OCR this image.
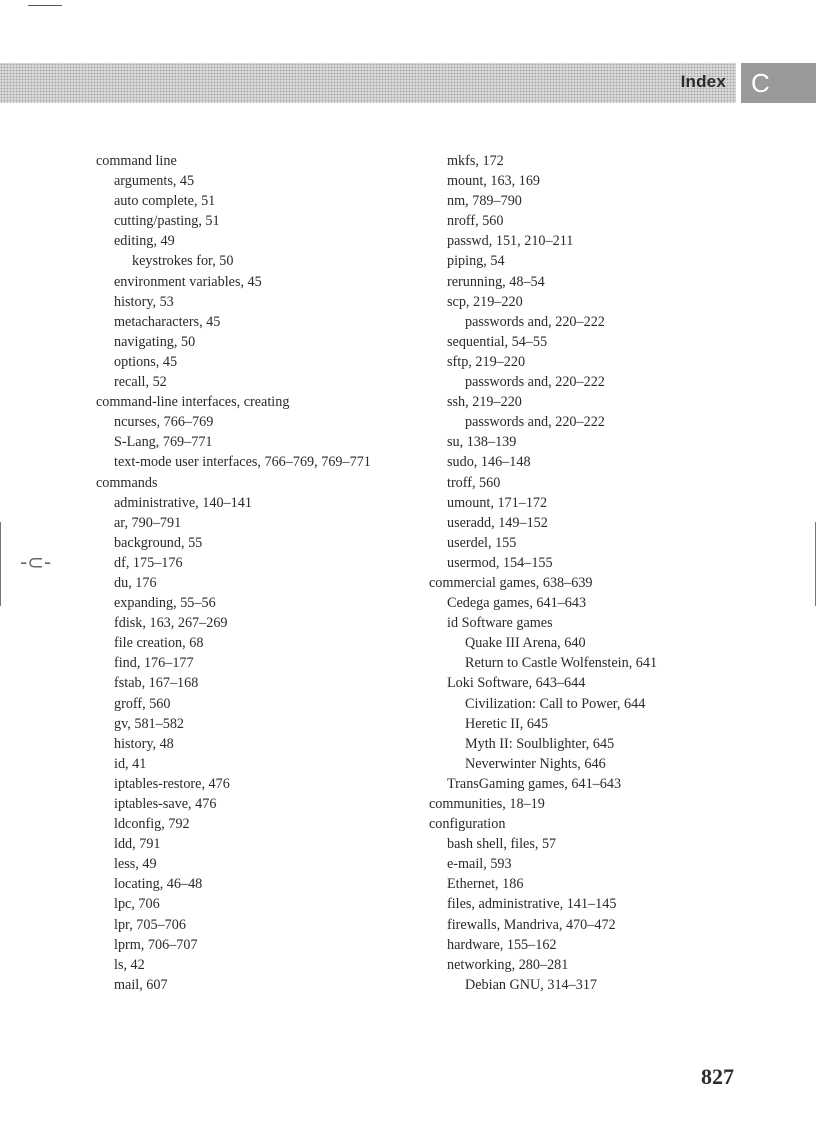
Index C

command line

arguments, 45

auto complete, 51

cutting/pasting, 51

editing, 49

keystrokes for, 50

environment variables, 45

history, 53

metacharacters, 45

navigating, 50

options, 45

recall, 52

command-line interfaces, creating

ncurses, 766–769

S-Lang, 769–771

text-mode user interfaces, 766–769, 769–771

commands

administrative, 140–141

ar, 790–791

background, 55

df, 175–176

du, 176

expanding, 55–56

fdisk, 163, 267–269

file creation, 68

find, 176–177

fstab, 167–168

groff, 560

gv, 581–582

history, 48

id, 41

iptables-restore, 476

iptables-save, 476

ldconfig, 792

ldd, 791

less, 49

locating, 46–48

lpc, 706

lpr, 705–706

lprm, 706–707

ls, 42

mail, 607

mkfs, 172

mount, 163, 169

nm, 789–790

nroff, 560

passwd, 151, 210–211

piping, 54

rerunning, 48–54

scp, 219–220

passwords and, 220–222

sequential, 54–55

sftp, 219–220

passwords and, 220–222

ssh, 219–220

passwords and, 220–222

su, 138–139

sudo, 146–148

troff, 560

umount, 171–172

useradd, 149–152

userdel, 155

usermod, 154–155

commercial games, 638–639

Cedega games, 641–643

id Software games

Quake III Arena, 640

Return to Castle Wolfenstein, 641

Loki Software, 643–644

Civilization: Call to Power, 644

Heretic II, 645

Myth II: Soulblighter, 645

Neverwinter Nights, 646

TransGaming games, 641–643

communities, 18–19

configuration

bash shell, files, 57

e-mail, 593

Ethernet, 186

files, administrative, 141–145

firewalls, Mandriva, 470–472

hardware, 155–162

networking, 280–281

Debian GNU, 314–317

-⊂-
827
